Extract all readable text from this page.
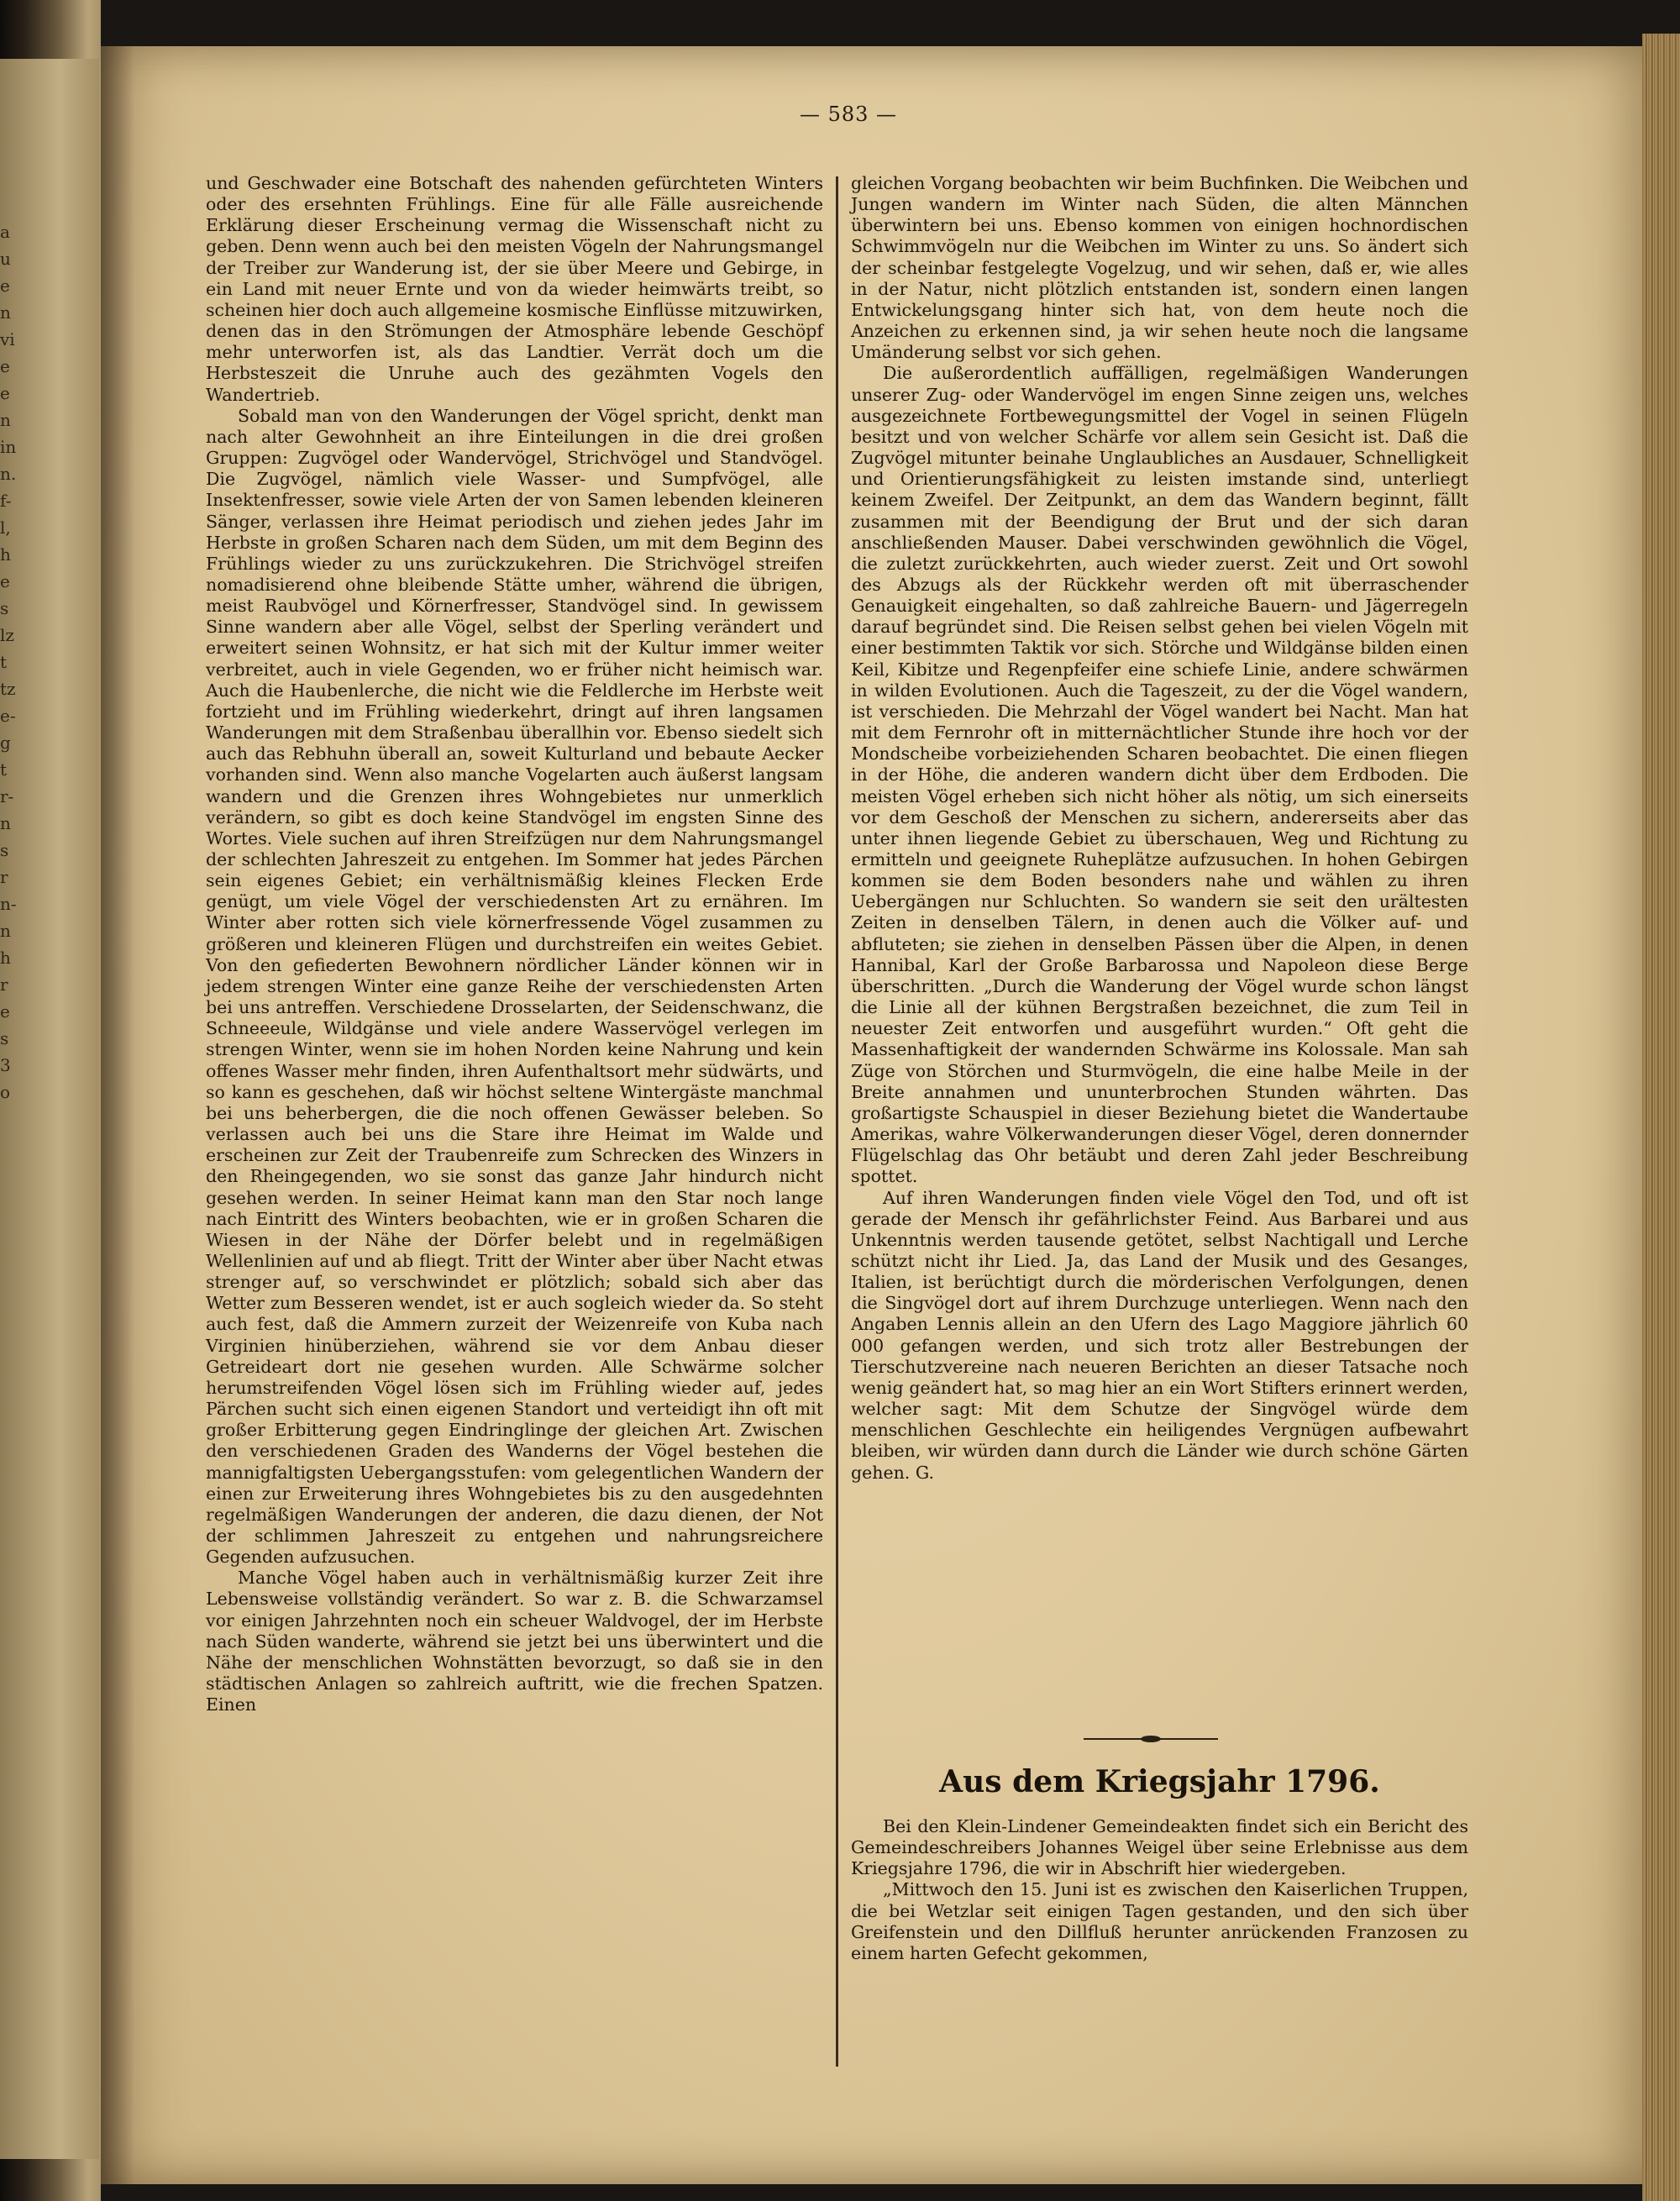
au en vie en in n. f- l, h e s lz t tz e- g t r- n s r n- n h r e s 3 o
— 583 —

und Geschwader eine Botschaft des nahenden gefürchteten Winters oder des ersehnten Frühlings. Eine für alle Fälle ausreichende Erklärung dieser Erscheinung vermag die Wissenschaft nicht zu geben. Denn wenn auch bei den meisten Vögeln der Nahrungsmangel der Treiber zur Wanderung ist, der sie über Meere und Gebirge, in ein Land mit neuer Ernte und von da wieder heimwärts treibt, so scheinen hier doch auch allgemeine kosmische Einflüsse mitzuwirken, denen das in den Strömungen der Atmosphäre lebende Geschöpf mehr unterworfen ist, als das Landtier. Verrät doch um die Herbsteszeit die Unruhe auch des gezähmten Vogels den Wandertrieb.

Sobald man von den Wanderungen der Vögel spricht, denkt man nach alter Gewohnheit an ihre Einteilungen in die drei großen Gruppen: Zugvögel oder Wandervögel, Strichvögel und Standvögel. Die Zugvögel, nämlich viele Wasser- und Sumpfvögel, alle Insektenfresser, sowie viele Arten der von Samen lebenden kleineren Sänger, verlassen ihre Heimat periodisch und ziehen jedes Jahr im Herbste in großen Scharen nach dem Süden, um mit dem Beginn des Frühlings wieder zu uns zurückzukehren. Die Strichvögel streifen nomadisierend ohne bleibende Stätte umher, während die übrigen, meist Raubvögel und Körnerfresser, Standvögel sind. In gewissem Sinne wandern aber alle Vögel, selbst der Sperling verändert und erweitert seinen Wohnsitz, er hat sich mit der Kultur immer weiter verbreitet, auch in viele Gegenden, wo er früher nicht heimisch war. Auch die Haubenlerche, die nicht wie die Feldlerche im Herbste weit fortzieht und im Frühling wiederkehrt, dringt auf ihren langsamen Wanderungen mit dem Straßenbau überallhin vor. Ebenso siedelt sich auch das Rebhuhn überall an, soweit Kulturland und bebaute Aecker vorhanden sind. Wenn also manche Vogelarten auch äußerst langsam wandern und die Grenzen ihres Wohngebietes nur unmerklich verändern, so gibt es doch keine Standvögel im engsten Sinne des Wortes. Viele suchen auf ihren Streifzügen nur dem Nahrungsmangel der schlechten Jahreszeit zu entgehen. Im Sommer hat jedes Pärchen sein eigenes Gebiet; ein verhältnismäßig kleines Flecken Erde genügt, um viele Vögel der verschiedensten Art zu ernähren. Im Winter aber rotten sich viele körnerfressende Vögel zusammen zu größeren und kleineren Flügen und durchstreifen ein weites Gebiet. Von den gefiederten Bewohnern nördlicher Länder können wir in jedem strengen Winter eine ganze Reihe der verschiedensten Arten bei uns antreffen. Verschiedene Drosselarten, der Seidenschwanz, die Schneeeule, Wildgänse und viele andere Wasservögel verlegen im strengen Winter, wenn sie im hohen Norden keine Nahrung und kein offenes Wasser mehr finden, ihren Aufenthaltsort mehr südwärts, und so kann es geschehen, daß wir höchst seltene Wintergäste manchmal bei uns beherbergen, die die noch offenen Gewässer beleben. So verlassen auch bei uns die Stare ihre Heimat im Walde und erscheinen zur Zeit der Traubenreife zum Schrecken des Winzers in den Rheingegenden, wo sie sonst das ganze Jahr hindurch nicht gesehen werden. In seiner Heimat kann man den Star noch lange nach Eintritt des Winters beobachten, wie er in großen Scharen die Wiesen in der Nähe der Dörfer belebt und in regelmäßigen Wellenlinien auf und ab fliegt. Tritt der Winter aber über Nacht etwas strenger auf, so verschwindet er plötzlich; sobald sich aber das Wetter zum Besseren wendet, ist er auch sogleich wieder da. So steht auch fest, daß die Ammern zurzeit der Weizenreife von Kuba nach Virginien hinüberziehen, während sie vor dem Anbau dieser Getreideart dort nie gesehen wurden. Alle Schwärme solcher herumstreifenden Vögel lösen sich im Frühling wieder auf, jedes Pärchen sucht sich einen eigenen Standort und verteidigt ihn oft mit großer Erbitterung gegen Eindringlinge der gleichen Art. Zwischen den verschiedenen Graden des Wanderns der Vögel bestehen die mannigfaltigsten Uebergangsstufen: vom gelegentlichen Wandern der einen zur Erweiterung ihres Wohngebietes bis zu den ausgedehnten regelmäßigen Wanderungen der anderen, die dazu dienen, der Not der schlimmen Jahreszeit zu entgehen und nahrungsreichere Gegenden aufzusuchen.

Manche Vögel haben auch in verhältnismäßig kurzer Zeit ihre Lebensweise vollständig verändert. So war z. B. die Schwarzamsel vor einigen Jahrzehnten noch ein scheuer Waldvogel, der im Herbste nach Süden wanderte, während sie jetzt bei uns überwintert und die Nähe der menschlichen Wohnstätten bevorzugt, so daß sie in den städtischen Anlagen so zahlreich auftritt, wie die frechen Spatzen. Einen

gleichen Vorgang beobachten wir beim Buchfinken. Die Weibchen und Jungen wandern im Winter nach Süden, die alten Männchen überwintern bei uns. Ebenso kommen von einigen hochnordischen Schwimmvögeln nur die Weibchen im Winter zu uns. So ändert sich der scheinbar festgelegte Vogelzug, und wir sehen, daß er, wie alles in der Natur, nicht plötzlich entstanden ist, sondern einen langen Entwickelungsgang hinter sich hat, von dem heute noch die Anzeichen zu erkennen sind, ja wir sehen heute noch die langsame Umänderung selbst vor sich gehen.

Die außerordentlich auffälligen, regelmäßigen Wanderungen unserer Zug- oder Wandervögel im engen Sinne zeigen uns, welches ausgezeichnete Fortbewegungsmittel der Vogel in seinen Flügeln besitzt und von welcher Schärfe vor allem sein Gesicht ist. Daß die Zugvögel mitunter beinahe Unglaubliches an Ausdauer, Schnelligkeit und Orientierungsfähigkeit zu leisten imstande sind, unterliegt keinem Zweifel. Der Zeitpunkt, an dem das Wandern beginnt, fällt zusammen mit der Beendigung der Brut und der sich daran anschließenden Mauser. Dabei verschwinden gewöhnlich die Vögel, die zuletzt zurückkehrten, auch wieder zuerst. Zeit und Ort sowohl des Abzugs als der Rückkehr werden oft mit überraschender Genauigkeit eingehalten, so daß zahlreiche Bauern- und Jägerregeln darauf begründet sind. Die Reisen selbst gehen bei vielen Vögeln mit einer bestimmten Taktik vor sich. Störche und Wildgänse bilden einen Keil, Kibitze und Regenpfeifer eine schiefe Linie, andere schwärmen in wilden Evolutionen. Auch die Tageszeit, zu der die Vögel wandern, ist verschieden. Die Mehrzahl der Vögel wandert bei Nacht. Man hat mit dem Fernrohr oft in mitternächtlicher Stunde ihre hoch vor der Mondscheibe vorbeiziehenden Scharen beobachtet. Die einen fliegen in der Höhe, die anderen wandern dicht über dem Erdboden. Die meisten Vögel erheben sich nicht höher als nötig, um sich einerseits vor dem Geschoß der Menschen zu sichern, andererseits aber das unter ihnen liegende Gebiet zu überschauen, Weg und Richtung zu ermitteln und geeignete Ruheplätze aufzusuchen. In hohen Gebirgen kommen sie dem Boden besonders nahe und wählen zu ihren Uebergängen nur Schluchten. So wandern sie seit den urältesten Zeiten in denselben Tälern, in denen auch die Völker auf- und abfluteten; sie ziehen in denselben Pässen über die Alpen, in denen Hannibal, Karl der Große Barbarossa und Napoleon diese Berge überschritten. „Durch die Wanderung der Vögel wurde schon längst die Linie all der kühnen Bergstraßen bezeichnet, die zum Teil in neuester Zeit entworfen und ausgeführt wurden.“ Oft geht die Massenhaftigkeit der wandernden Schwärme ins Kolossale. Man sah Züge von Störchen und Sturmvögeln, die eine halbe Meile in der Breite annahmen und ununterbrochen Stunden währten. Das großartigste Schauspiel in dieser Beziehung bietet die Wandertaube Amerikas, wahre Völkerwanderungen dieser Vögel, deren donnernder Flügelschlag das Ohr betäubt und deren Zahl jeder Beschreibung spottet.

Auf ihren Wanderungen finden viele Vögel den Tod, und oft ist gerade der Mensch ihr gefährlichster Feind. Aus Barbarei und aus Unkenntnis werden tausende getötet, selbst Nachtigall und Lerche schützt nicht ihr Lied. Ja, das Land der Musik und des Gesanges, Italien, ist berüchtigt durch die mörderischen Verfolgungen, denen die Singvögel dort auf ihrem Durchzuge unterliegen. Wenn nach den Angaben Lennis allein an den Ufern des Lago Maggiore jährlich 60 000 gefangen werden, und sich trotz aller Bestrebungen der Tierschutzvereine nach neueren Berichten an dieser Tatsache noch wenig geändert hat, so mag hier an ein Wort Stifters erinnert werden, welcher sagt: Mit dem Schutze der Singvögel würde dem menschlichen Geschlechte ein heiligendes Vergnügen aufbewahrt bleiben, wir würden dann durch die Länder wie durch schöne Gärten gehen. G.

Aus dem Kriegsjahr 1796.

Bei den Klein-Lindener Gemeindeakten findet sich ein Bericht des Gemeindeschreibers Johannes Weigel über seine Erlebnisse aus dem Kriegsjahre 1796, die wir in Abschrift hier wiedergeben.

„Mittwoch den 15. Juni ist es zwischen den Kaiserlichen Truppen, die bei Wetzlar seit einigen Tagen gestanden, und den sich über Greifenstein und den Dillfluß herunter anrückenden Franzosen zu einem harten Gefecht gekommen,
